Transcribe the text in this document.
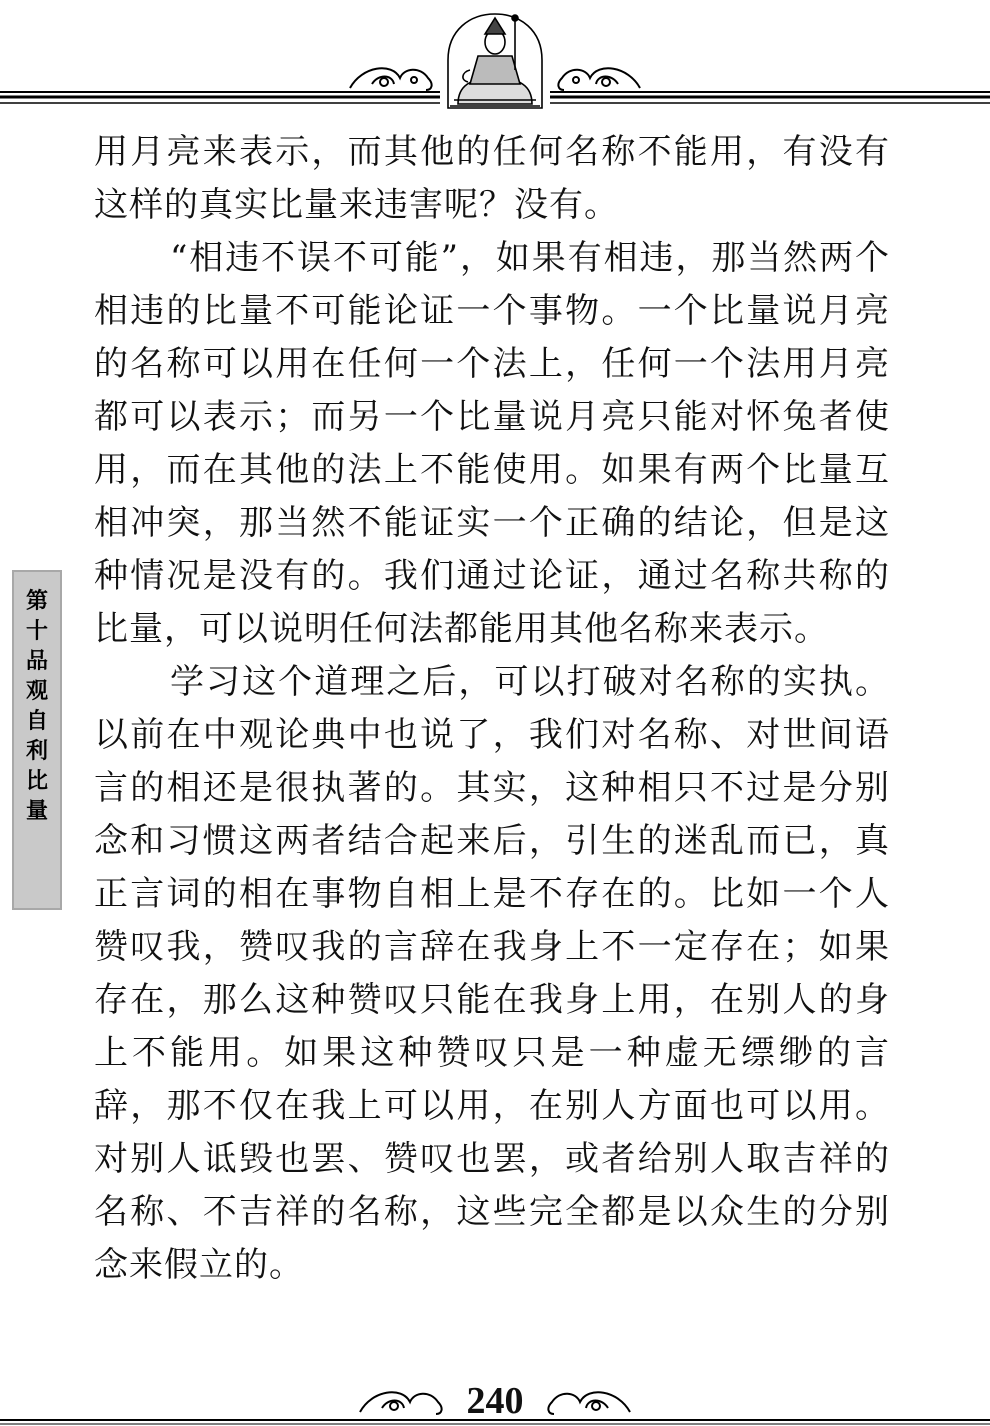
第十品　观自利比量

用月亮来表示，而其他的任何名称不能用，有没有这样的真实比量来违害呢？没有。

“相违不误不可能”，如果有相违，那当然两个相违的比量不可能论证一个事物。一个比量说月亮的名称可以用在任何一个法上，任何一个法用月亮都可以表示；而另一个比量说月亮只能对怀兔者使用，而在其他的法上不能使用。如果有两个比量互相冲突，那当然不能证实一个正确的结论，但是这种情况是没有的。我们通过论证，通过名称共称的比量，可以说明任何法都能用其他名称来表示。

学习这个道理之后，可以打破对名称的实执。以前在中观论典中也说了，我们对名称、对世间语言的相还是很执著的。其实，这种相只不过是分别念和习惯这两者结合起来后，引生的迷乱而已，真正言词的相在事物自相上是不存在的。比如一个人赞叹我，赞叹我的言辞在我身上不一定存在；如果存在，那么这种赞叹只能在我身上用，在别人的身上不能用。如果这种赞叹只是一种虚无缥缈的言辞，那不仅在我上可以用，在别人方面也可以用。对别人诋毁也罢、赞叹也罢，或者给别人取吉祥的名称、不吉祥的名称，这些完全都是以众生的分别念来假立的。

240
